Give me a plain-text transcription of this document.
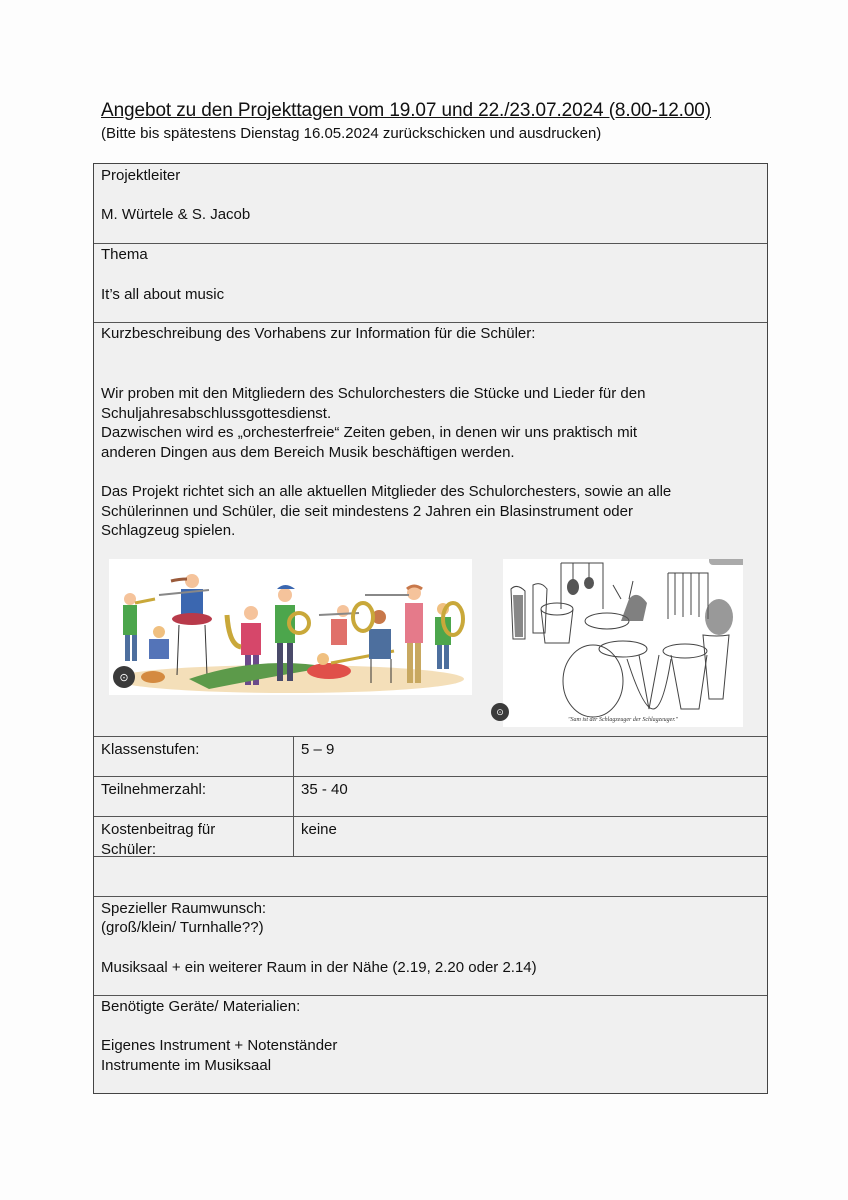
Angebot zu den Projekttagen vom 19.07 und 22./23.07.2024 (8.00-12.00)
(Bitte bis spätestens Dienstag 16.05.2024 zurückschicken und ausdrucken)
Projektleiter
M. Würtele & S. Jacob
Thema
It’s all about music
Kurzbeschreibung des Vorhabens zur Information für die Schüler:

Wir proben mit den Mitgliedern des Schulorchesters die Stücke und Lieder für den

Schuljahresabschlussgottesdienst.

Dazwischen wird es „orchesterfreie“ Zeiten geben, in denen wir uns praktisch mit

anderen Dingen aus dem Bereich Musik beschäftigen werden.

Das Projekt richtet sich an alle aktuellen Mitglieder des Schulorchesters, sowie an alle

Schülerinnen und Schüler, die seit mindestens 2 Jahren ein Blasinstrument oder

Schlagzeug spielen.

⊙
"Sam ist der Schlagzeuger der Schlagzeuger."
⊙
Klassenstufen:	5 – 9
Teilnehmerzahl:	35 - 40
Kostenbeitrag für
Schüler:
keine
Spezieller Raumwunsch:
(groß/klein/ Turnhalle??)
Musiksaal + ein weiterer Raum in der Nähe (2.19, 2.20 oder 2.14)
Benötigte Geräte/ Materialien:
Eigenes Instrument + Notenständer
Instrumente im Musiksaal
